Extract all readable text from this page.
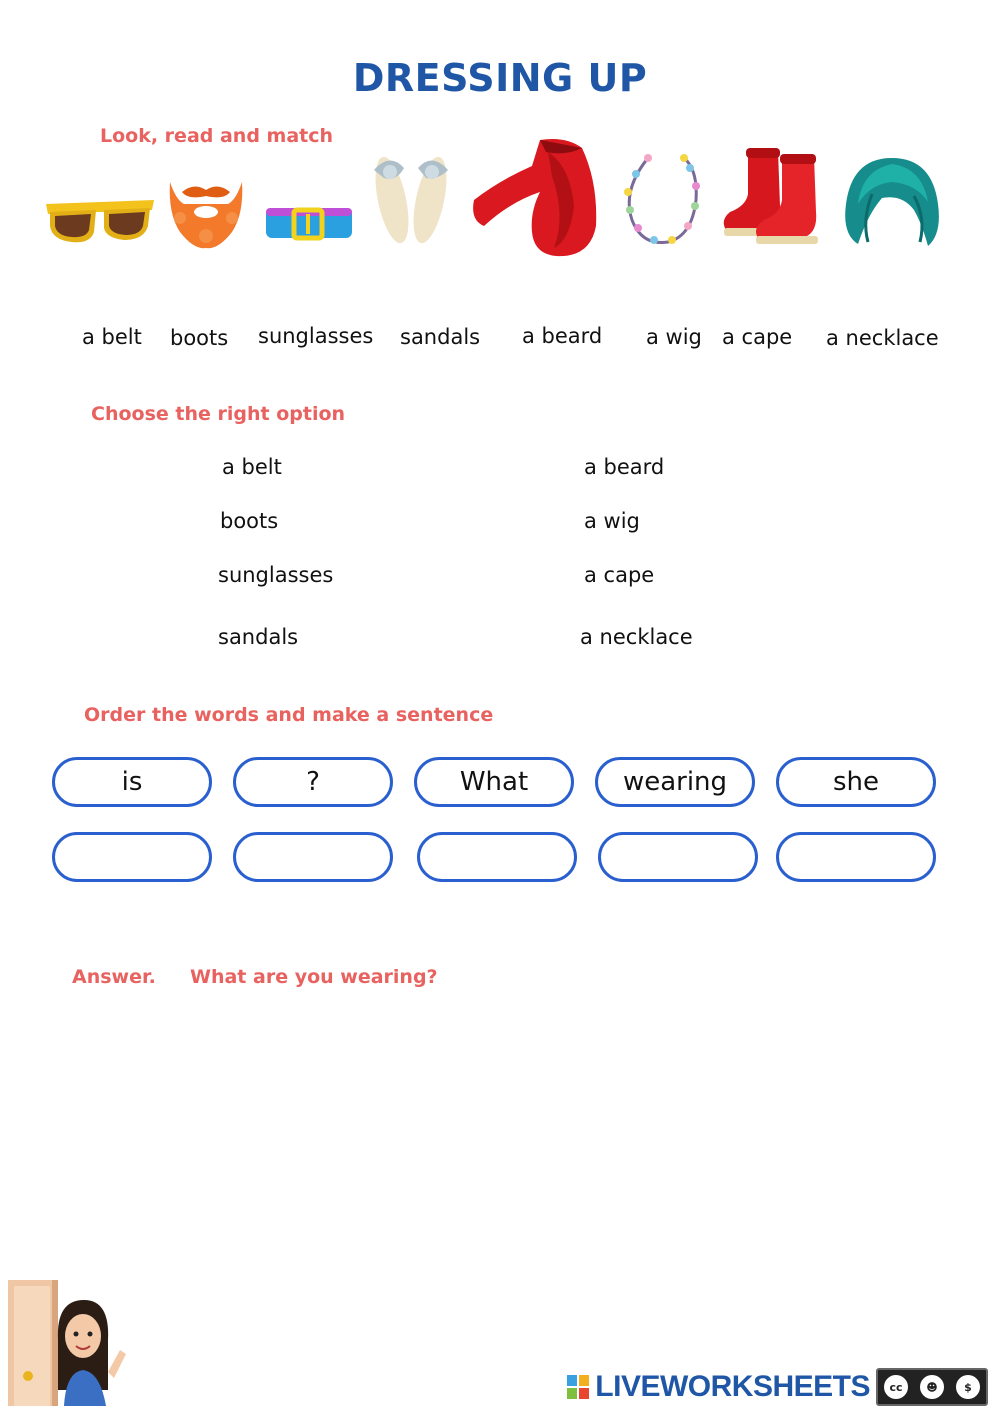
DRESSING UP
Look, read and match
a belt boots sunglasses sandals a beard a wig a cape a necklace
Choose the right option
a belt
boots
sunglasses
sandals
a beard
a wig
a cape
a necklace
Order the words and make a sentence
is	?	What	wearing	she
Answer. What are you wearing?
LIVEWORKSHEETS	cc	☻	$
